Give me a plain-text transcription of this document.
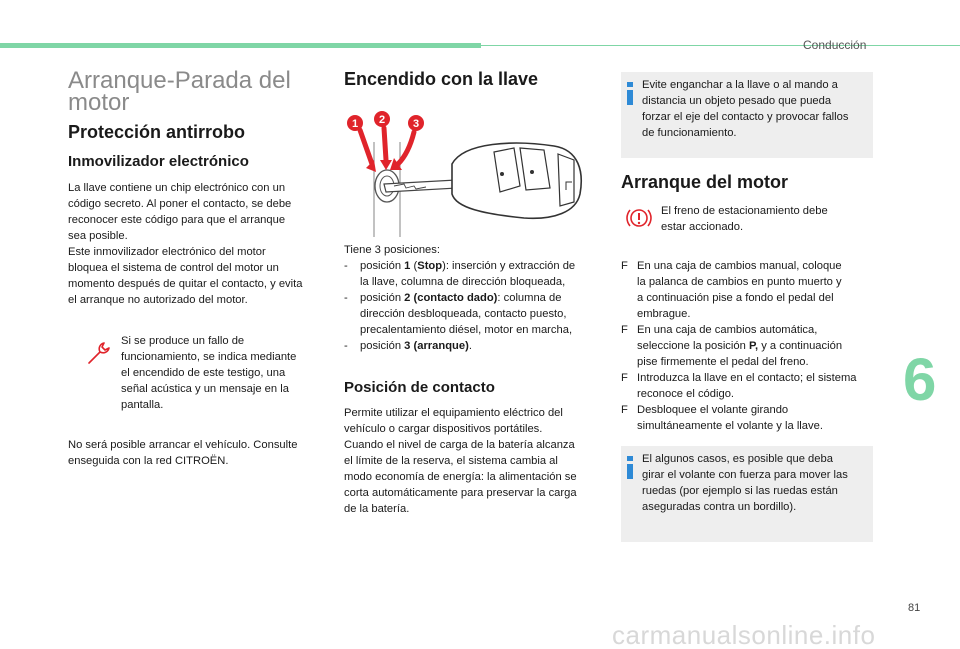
Conducción
Arranque-Parada del
motor
Protección antirrobo
Inmovilizador electrónico

La llave contiene un chip electrónico con un
código secreto. Al poner el contacto, se debe
reconocer este código para que el arranque
sea posible.
Este inmovilizador electrónico del motor
bloquea el sistema de control del motor un
momento después de quitar el contacto, y evita
el arranque no autorizado del motor.

Si se produce un fallo de
funcionamiento, se indica mediante
el encendido de este testigo, una
señal acústica y un mensaje en la
pantalla.

No será posible arrancar el vehículo. Consulte
enseguida con la red CITROËN.

Encendido con la llave
1 2	3

Tiene 3 posiciones:

-	posición 1 (Stop): inserción y extracción de
la llave, columna de dirección bloqueada,
-	posición 2 (contacto dado): columna de
dirección desbloqueada, contacto puesto,
precalentamiento diésel, motor en marcha,
-	posición 3 (arranque).
Posición de contacto

Permite utilizar el equipamiento eléctrico del
vehículo o cargar dispositivos portátiles.
Cuando el nivel de carga de la batería alcanza
el límite de la reserva, el sistema cambia al
modo economía de energía: la alimentación se
corta automáticamente para preservar la carga
de la batería.

Evite enganchar a la llave o al mando a
distancia un objeto pesado que pueda
forzar el eje del contacto y provocar fallos
de funcionamiento.

Arranque del motor

El freno de estacionamiento debe
estar accionado.

F En una caja de cambios manual, coloque
la palanca de cambios en punto muerto y
a continuación pise a fondo el pedal del
embrague.
F En una caja de cambios automática,
seleccione la posición P, y a continuación
pise firmemente el pedal del freno.
F Introduzca la llave en el contacto; el sistema
reconoce el código.
F Desbloquee el volante girando
simultáneamente el volante y la llave.

El algunos casos, es posible que deba
girar el volante con fuerza para mover las
ruedas (por ejemplo si las ruedas están
aseguradas contra un bordillo).

6
81
carmanualsonline.info
